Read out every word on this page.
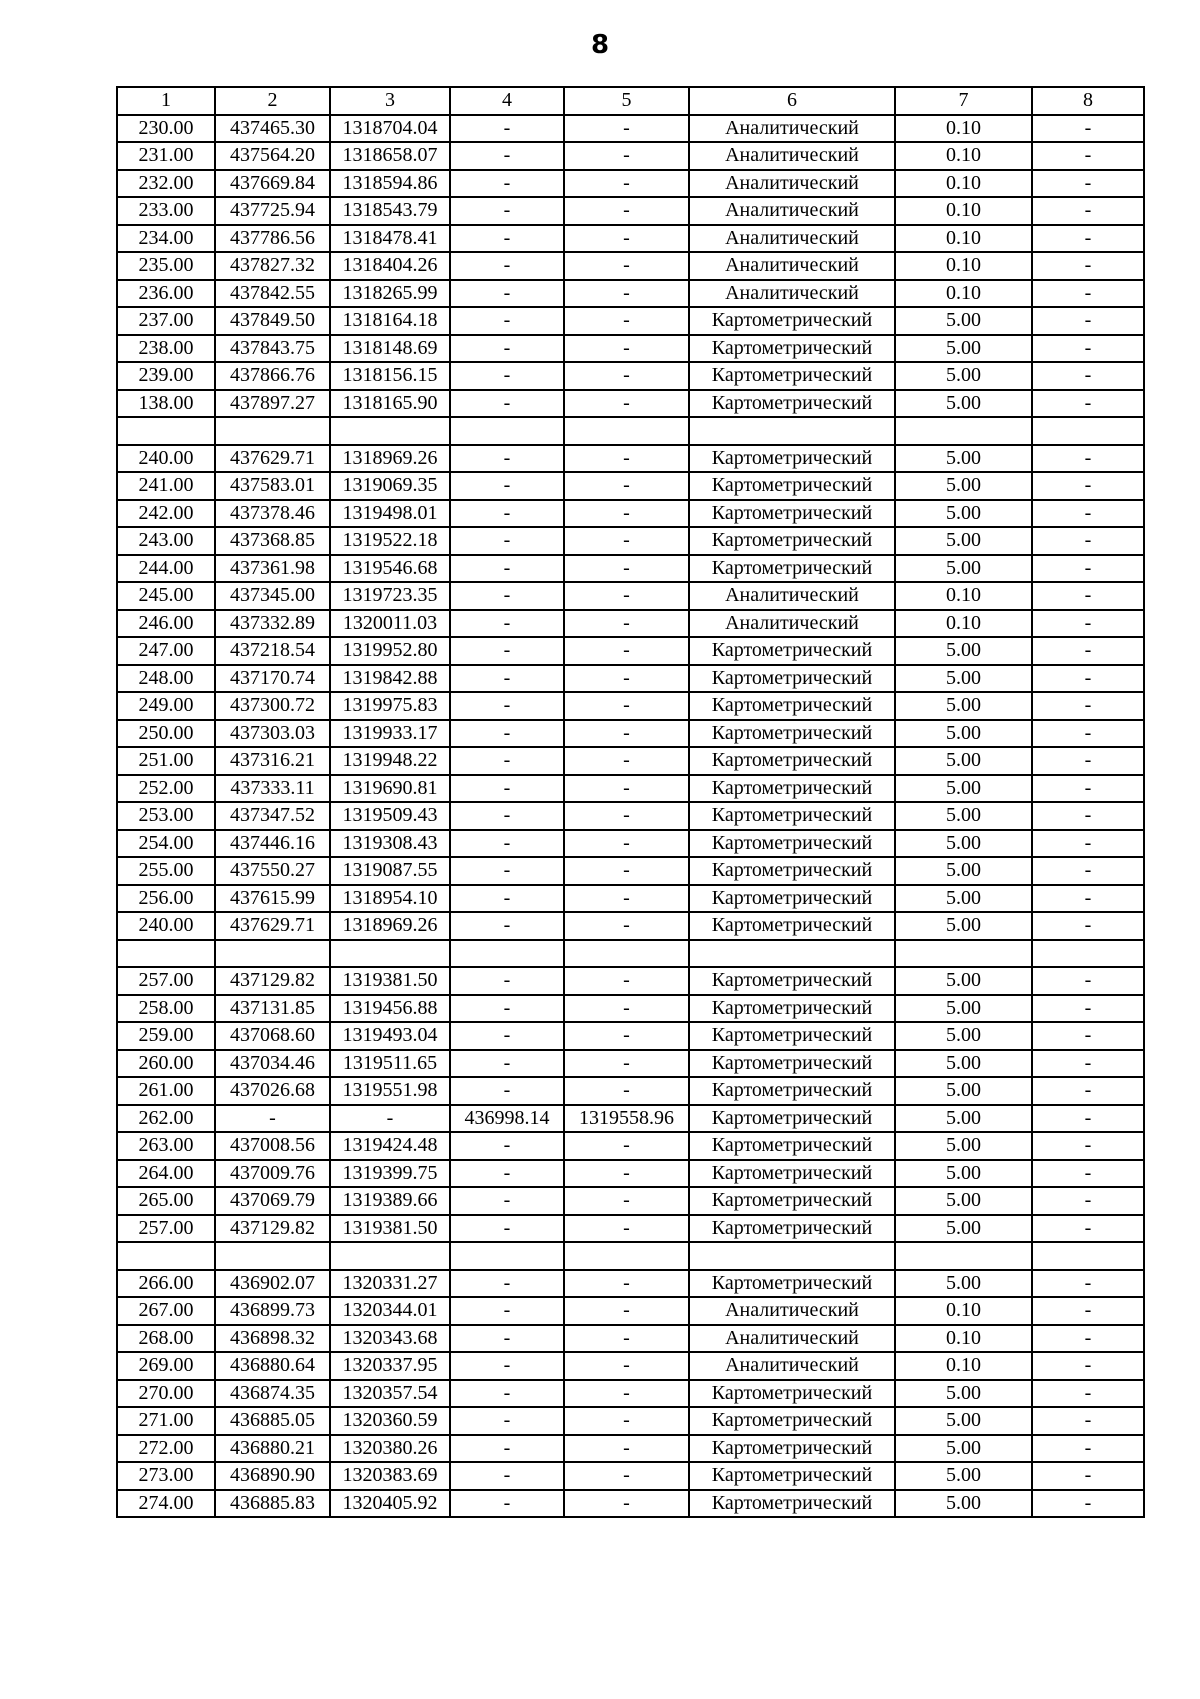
8
1	2	3	4	5	6	7	8
230.00	437465.30	1318704.04	-	-	Аналитический	0.10	-
231.00	437564.20	1318658.07	-	-	Аналитический	0.10	-
232.00	437669.84	1318594.86	-	-	Аналитический	0.10	-
233.00	437725.94	1318543.79	-	-	Аналитический	0.10	-
234.00	437786.56	1318478.41	-	-	Аналитический	0.10	-
235.00	437827.32	1318404.26	-	-	Аналитический	0.10	-
236.00	437842.55	1318265.99	-	-	Аналитический	0.10	-
237.00	437849.50	1318164.18	-	-	Картометрический	5.00	-
238.00	437843.75	1318148.69	-	-	Картометрический	5.00	-
239.00	437866.76	1318156.15	-	-	Картометрический	5.00	-
138.00	437897.27	1318165.90	-	-	Картометрический	5.00	-

240.00	437629.71	1318969.26	-	-	Картометрический	5.00	-
241.00	437583.01	1319069.35	-	-	Картометрический	5.00	-
242.00	437378.46	1319498.01	-	-	Картометрический	5.00	-
243.00	437368.85	1319522.18	-	-	Картометрический	5.00	-
244.00	437361.98	1319546.68	-	-	Картометрический	5.00	-
245.00	437345.00	1319723.35	-	-	Аналитический	0.10	-
246.00	437332.89	1320011.03	-	-	Аналитический	0.10	-
247.00	437218.54	1319952.80	-	-	Картометрический	5.00	-
248.00	437170.74	1319842.88	-	-	Картометрический	5.00	-
249.00	437300.72	1319975.83	-	-	Картометрический	5.00	-
250.00	437303.03	1319933.17	-	-	Картометрический	5.00	-
251.00	437316.21	1319948.22	-	-	Картометрический	5.00	-
252.00	437333.11	1319690.81	-	-	Картометрический	5.00	-
253.00	437347.52	1319509.43	-	-	Картометрический	5.00	-
254.00	437446.16	1319308.43	-	-	Картометрический	5.00	-
255.00	437550.27	1319087.55	-	-	Картометрический	5.00	-
256.00	437615.99	1318954.10	-	-	Картометрический	5.00	-
240.00	437629.71	1318969.26	-	-	Картометрический	5.00	-

257.00	437129.82	1319381.50	-	-	Картометрический	5.00	-
258.00	437131.85	1319456.88	-	-	Картометрический	5.00	-
259.00	437068.60	1319493.04	-	-	Картометрический	5.00	-
260.00	437034.46	1319511.65	-	-	Картометрический	5.00	-
261.00	437026.68	1319551.98	-	-	Картометрический	5.00	-
262.00	-	-	436998.14	1319558.96	Картометрический	5.00	-
263.00	437008.56	1319424.48	-	-	Картометрический	5.00	-
264.00	437009.76	1319399.75	-	-	Картометрический	5.00	-
265.00	437069.79	1319389.66	-	-	Картометрический	5.00	-
257.00	437129.82	1319381.50	-	-	Картометрический	5.00	-

266.00	436902.07	1320331.27	-	-	Картометрический	5.00	-
267.00	436899.73	1320344.01	-	-	Аналитический	0.10	-
268.00	436898.32	1320343.68	-	-	Аналитический	0.10	-
269.00	436880.64	1320337.95	-	-	Аналитический	0.10	-
270.00	436874.35	1320357.54	-	-	Картометрический	5.00	-
271.00	436885.05	1320360.59	-	-	Картометрический	5.00	-
272.00	436880.21	1320380.26	-	-	Картометрический	5.00	-
273.00	436890.90	1320383.69	-	-	Картометрический	5.00	-
274.00	436885.83	1320405.92	-	-	Картометрический	5.00	-
